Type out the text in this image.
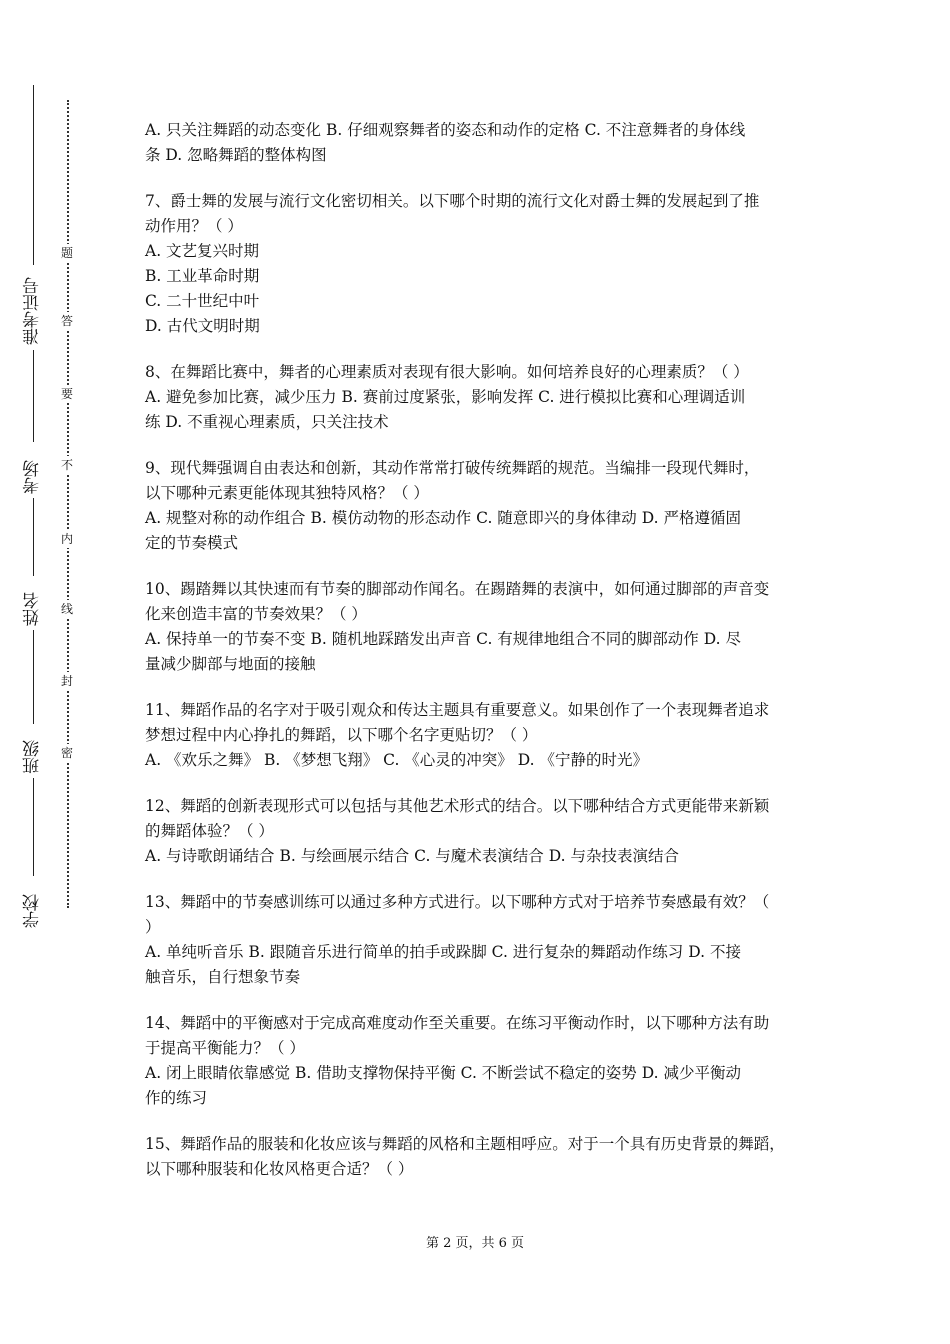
准考证号
考场
姓名
班级
学校
题
答
要
不
内
线
封
密
A. 只关注舞蹈的动态变化 B. 仔细观察舞者的姿态和动作的定格 C. 不注意舞者的身体线
条 D. 忽略舞蹈的整体构图
7、爵士舞的发展与流行文化密切相关。以下哪个时期的流行文化对爵士舞的发展起到了推
动作用？（ ）
A. 文艺复兴时期
B. 工业革命时期
C. 二十世纪中叶
D. 古代文明时期
8、在舞蹈比赛中，舞者的心理素质对表现有很大影响。如何培养良好的心理素质？（ ）
A. 避免参加比赛，减少压力 B. 赛前过度紧张，影响发挥 C. 进行模拟比赛和心理调适训
练 D. 不重视心理素质，只关注技术
9、现代舞强调自由表达和创新，其动作常常打破传统舞蹈的规范。当编排一段现代舞时，
以下哪种元素更能体现其独特风格？（ ）
A. 规整对称的动作组合 B. 模仿动物的形态动作 C. 随意即兴的身体律动 D. 严格遵循固
定的节奏模式
10、踢踏舞以其快速而有节奏的脚部动作闻名。在踢踏舞的表演中，如何通过脚部的声音变
化来创造丰富的节奏效果？（ ）
A. 保持单一的节奏不变 B. 随机地踩踏发出声音 C. 有规律地组合不同的脚部动作 D. 尽
量减少脚部与地面的接触
11、舞蹈作品的名字对于吸引观众和传达主题具有重要意义。如果创作了一个表现舞者追求
梦想过程中内心挣扎的舞蹈，以下哪个名字更贴切？（ ）
A. 《欢乐之舞》 B. 《梦想飞翔》 C. 《心灵的冲突》 D. 《宁静的时光》
12、舞蹈的创新表现形式可以包括与其他艺术形式的结合。以下哪种结合方式更能带来新颖
的舞蹈体验？（ ）
A. 与诗歌朗诵结合 B. 与绘画展示结合 C. 与魔术表演结合 D. 与杂技表演结合
13、舞蹈中的节奏感训练可以通过多种方式进行。以下哪种方式对于培养节奏感最有效？（
）
A. 单纯听音乐 B. 跟随音乐进行简单的拍手或跺脚 C. 进行复杂的舞蹈动作练习 D. 不接
触音乐，自行想象节奏
14、舞蹈中的平衡感对于完成高难度动作至关重要。在练习平衡动作时，以下哪种方法有助
于提高平衡能力？（ ）
A. 闭上眼睛依靠感觉 B. 借助支撑物保持平衡 C. 不断尝试不稳定的姿势 D. 减少平衡动
作的练习
15、舞蹈作品的服装和化妆应该与舞蹈的风格和主题相呼应。对于一个具有历史背景的舞蹈，
以下哪种服装和化妆风格更合适？（ ）
第 2 页，共 6 页
